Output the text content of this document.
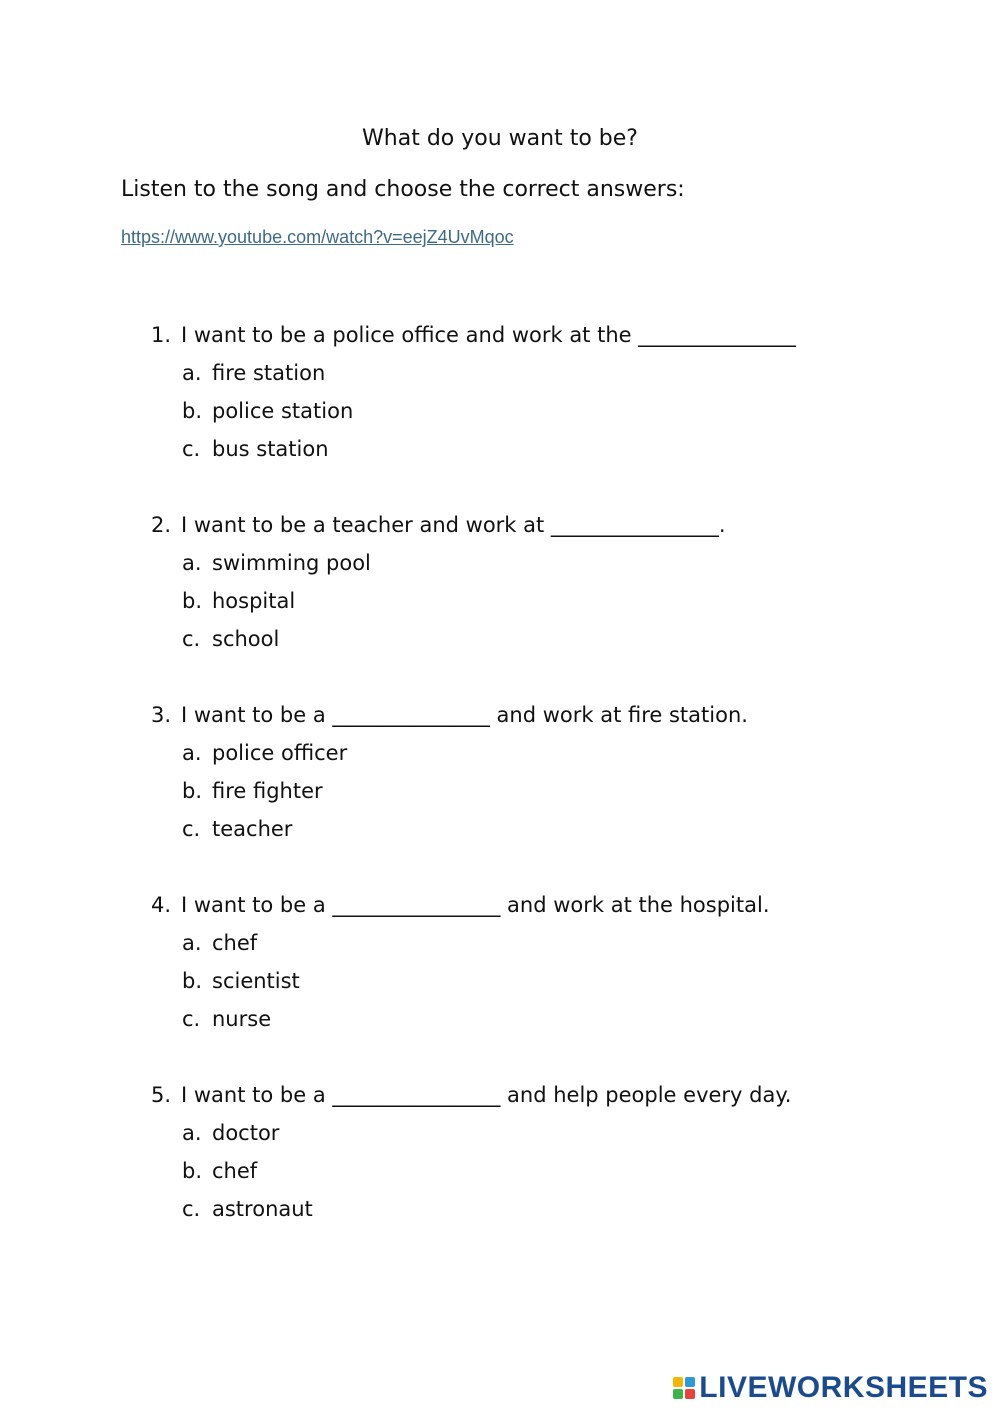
What do you want to be?
Listen to the song and choose the correct answers:
https://www.youtube.com/watch?v=eejZ4UvMqoc
1. I want to be a police office and work at the _______________
a. fire station
b. police station
c. bus station
2. I want to be a teacher and work at ________________.
a. swimming pool
b. hospital
c. school
3. I want to be a _______________ and work at fire station.
a. police officer
b. fire fighter
c. teacher
4. I want to be a ________________ and work at the hospital.
a. chef
b. scientist
c. nurse
5. I want to be a ________________ and help people every day.
a. doctor
b. chef
c. astronaut
LIVEWORKSHEETS
